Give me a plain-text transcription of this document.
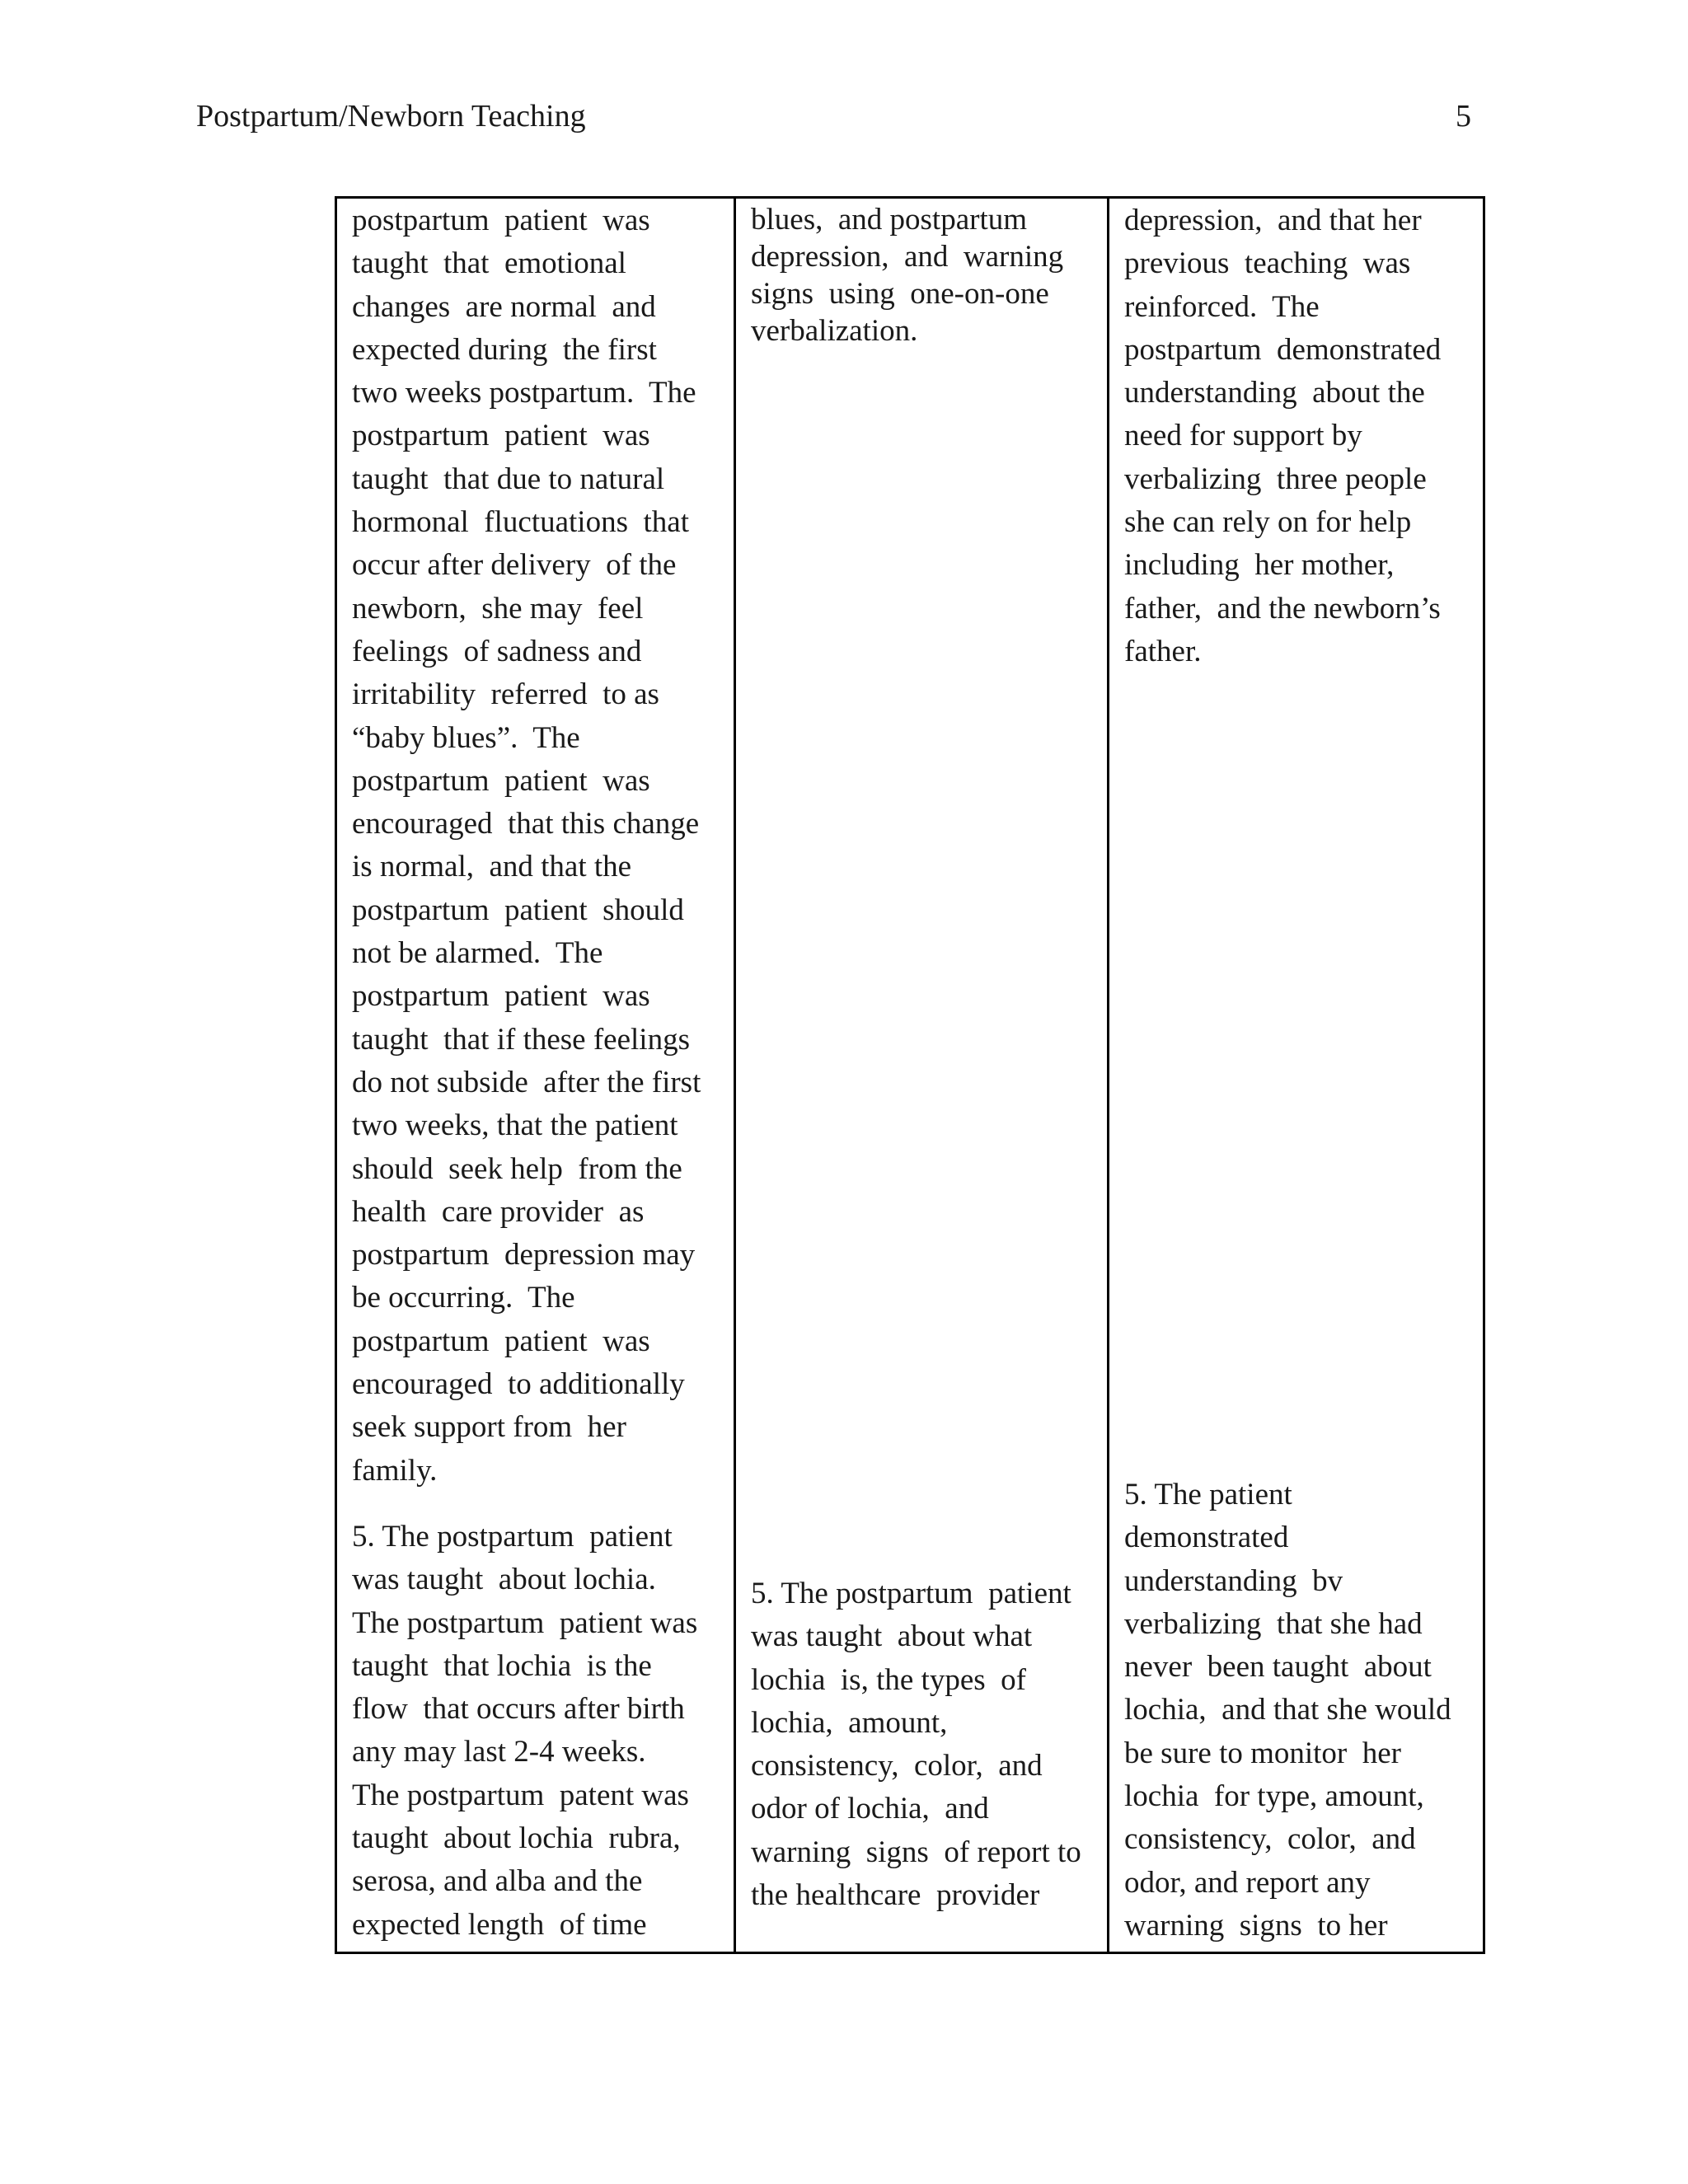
Postpartum/Newborn Teaching	5
postpartum  patient  was
taught  that  emotional
changes  are normal  and
expected during  the first
two weeks postpartum.  The
postpartum  patient  was
taught  that due to natural
hormonal  fluctuations  that
occur after delivery  of the
newborn,  she may  feel
feelings  of sadness and
irritability  referred  to as
“baby blues”.  The
postpartum  patient  was
encouraged  that this change
is normal,  and that the
postpartum  patient  should
not be alarmed.  The
postpartum  patient  was
taught  that if these feelings
do not subside  after the first
two weeks, that the patient
should  seek help  from the
health  care provider  as
postpartum  depression may
be occurring.  The
postpartum  patient  was
encouraged  to additionally
seek support from  her
family.
5. The postpartum  patient
was taught  about lochia.
The postpartum  patient was
taught  that lochia  is the
flow  that occurs after birth
any may last 2-4 weeks.
The postpartum  patent was
taught  about lochia  rubra,
serosa, and alba and the
expected length  of time
blues,  and postpartum
depression,  and  warning
signs  using  one-on-one
verbalization.
5. The postpartum  patient
was taught  about what
lochia  is, the types  of
lochia,  amount,
consistency,  color,  and
odor of lochia,  and
warning  signs  of report to
the healthcare  provider
depression,  and that her
previous  teaching  was
reinforced.  The
postpartum  demonstrated
understanding  about the
need for support by
verbalizing  three people
she can rely on for help
including  her mother,
father,  and the newborn’s
father.
5. The patient
demonstrated
understanding  bv
verbalizing  that she had
never  been taught  about
lochia,  and that she would
be sure to monitor  her
lochia  for type, amount,
consistency,  color,  and
odor, and report any
warning  signs  to her
